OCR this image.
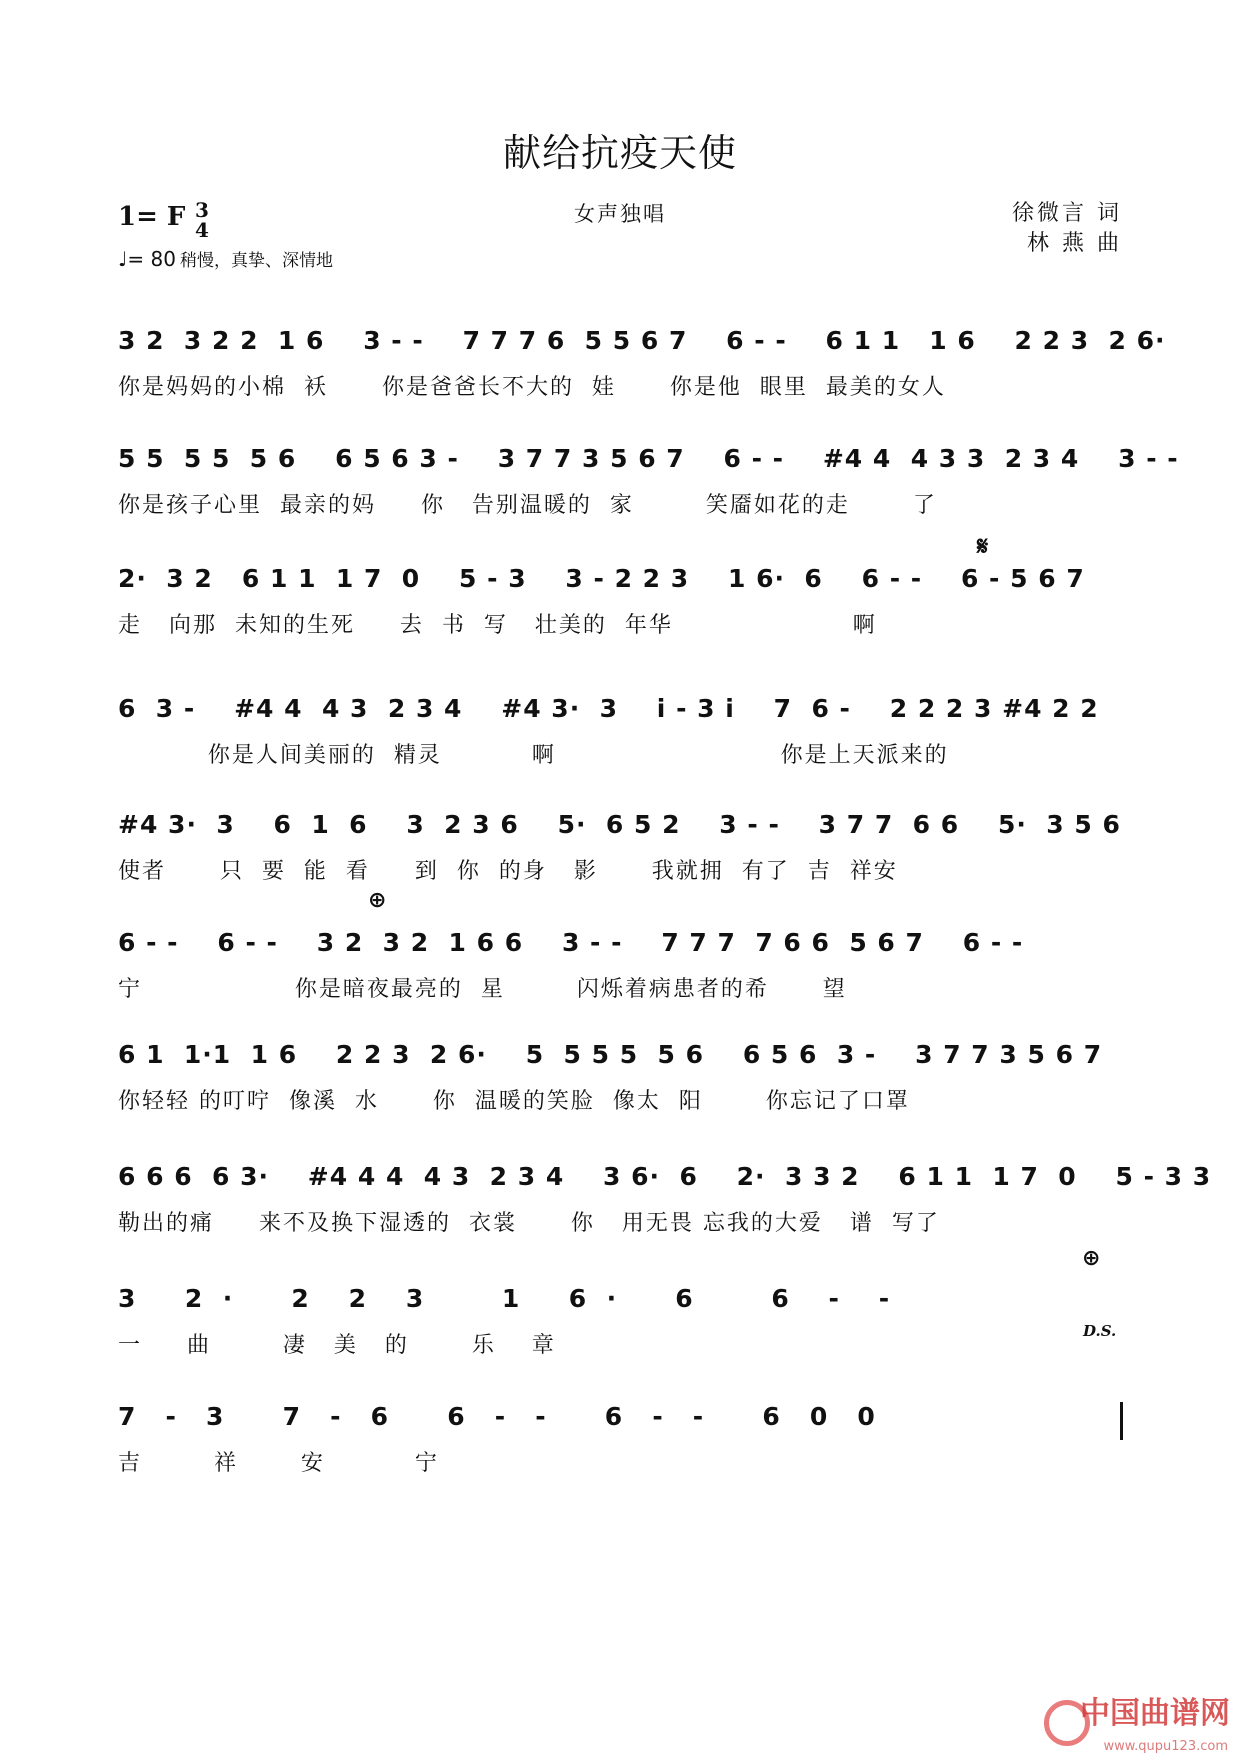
献给抗疫天使
1= F 3
4
♩= 80 稍慢，真挚、深情地
女声独唱	徐微言 词
林 燕 曲
3 2  3 2 2  1 6    3 - -    7 7 7 6  5 5 6 7    6 - -    6 1 1   1 6    2 2 3  2 6·
你是妈妈的小棉  袄      你是爸爸长不大的  娃      你是他  眼里  最美的女人
5 5  5 5  5 6    6 5 6 3 -    3 7 7 3 5 6 7    6 - -    #4 4  4 3 3  2 3 4    3 - -
你是孩子心里  最亲的妈     你   告别温暖的  家        笑靥如花的走       了
2·  3 2   6 1 1  1 7  0    5 - 3    3 - 2 2 3    1 6·  6    6 - -    6 - 5 6 7
走   向那  未知的生死     去  书  写   壮美的  年华                    啊
6  3 -    #4 4  4 3  2 3 4    #4 3·  3    i - 3 i    7  6 -    2 2 2 3 #4 2 2
你是人间美丽的  精灵          啊                         你是上天派来的
#4 3·  3    6  1  6    3  2 3 6    5·  6 5 2    3 - -    3 7 7  6 6    5·  3 5 6
使者      只  要  能  看     到  你  的身   影      我就拥  有了  吉  祥安
6 - -    6 - -    3 2  3 2  1 6 6    3 - -    7 7 7  7 6 6  5 6 7    6 - -
宁                 你是暗夜最亮的  星        闪烁着病患者的希      望
6 1  1·1  1 6    2 2 3  2 6·    5  5 5 5  5 6    6 5 6  3 -    3 7 7 3 5 6 7
你轻轻 的叮咛  像溪  水      你  温暖的笑脸  像太  阳       你忘记了口罩
6 6 6  6 3·    #4 4 4  4 3  2 3 4    3 6·  6    2·  3 3 2    6 1 1  1 7  0    5 - 3 3
勒出的痛     来不及换下湿透的  衣裳      你   用无畏 忘我的大爱   谱  写了
3     2  ·      2    2    3        1     6  ·      6        6    -    -
一     曲        凄   美   的       乐    章
7   -   3      7   -   6      6   -   -      6   -   -      6   0   0
吉        祥       安          宁
𝄋
⊕
⊕
D.S.
中国曲谱网
www.qupu123.com
